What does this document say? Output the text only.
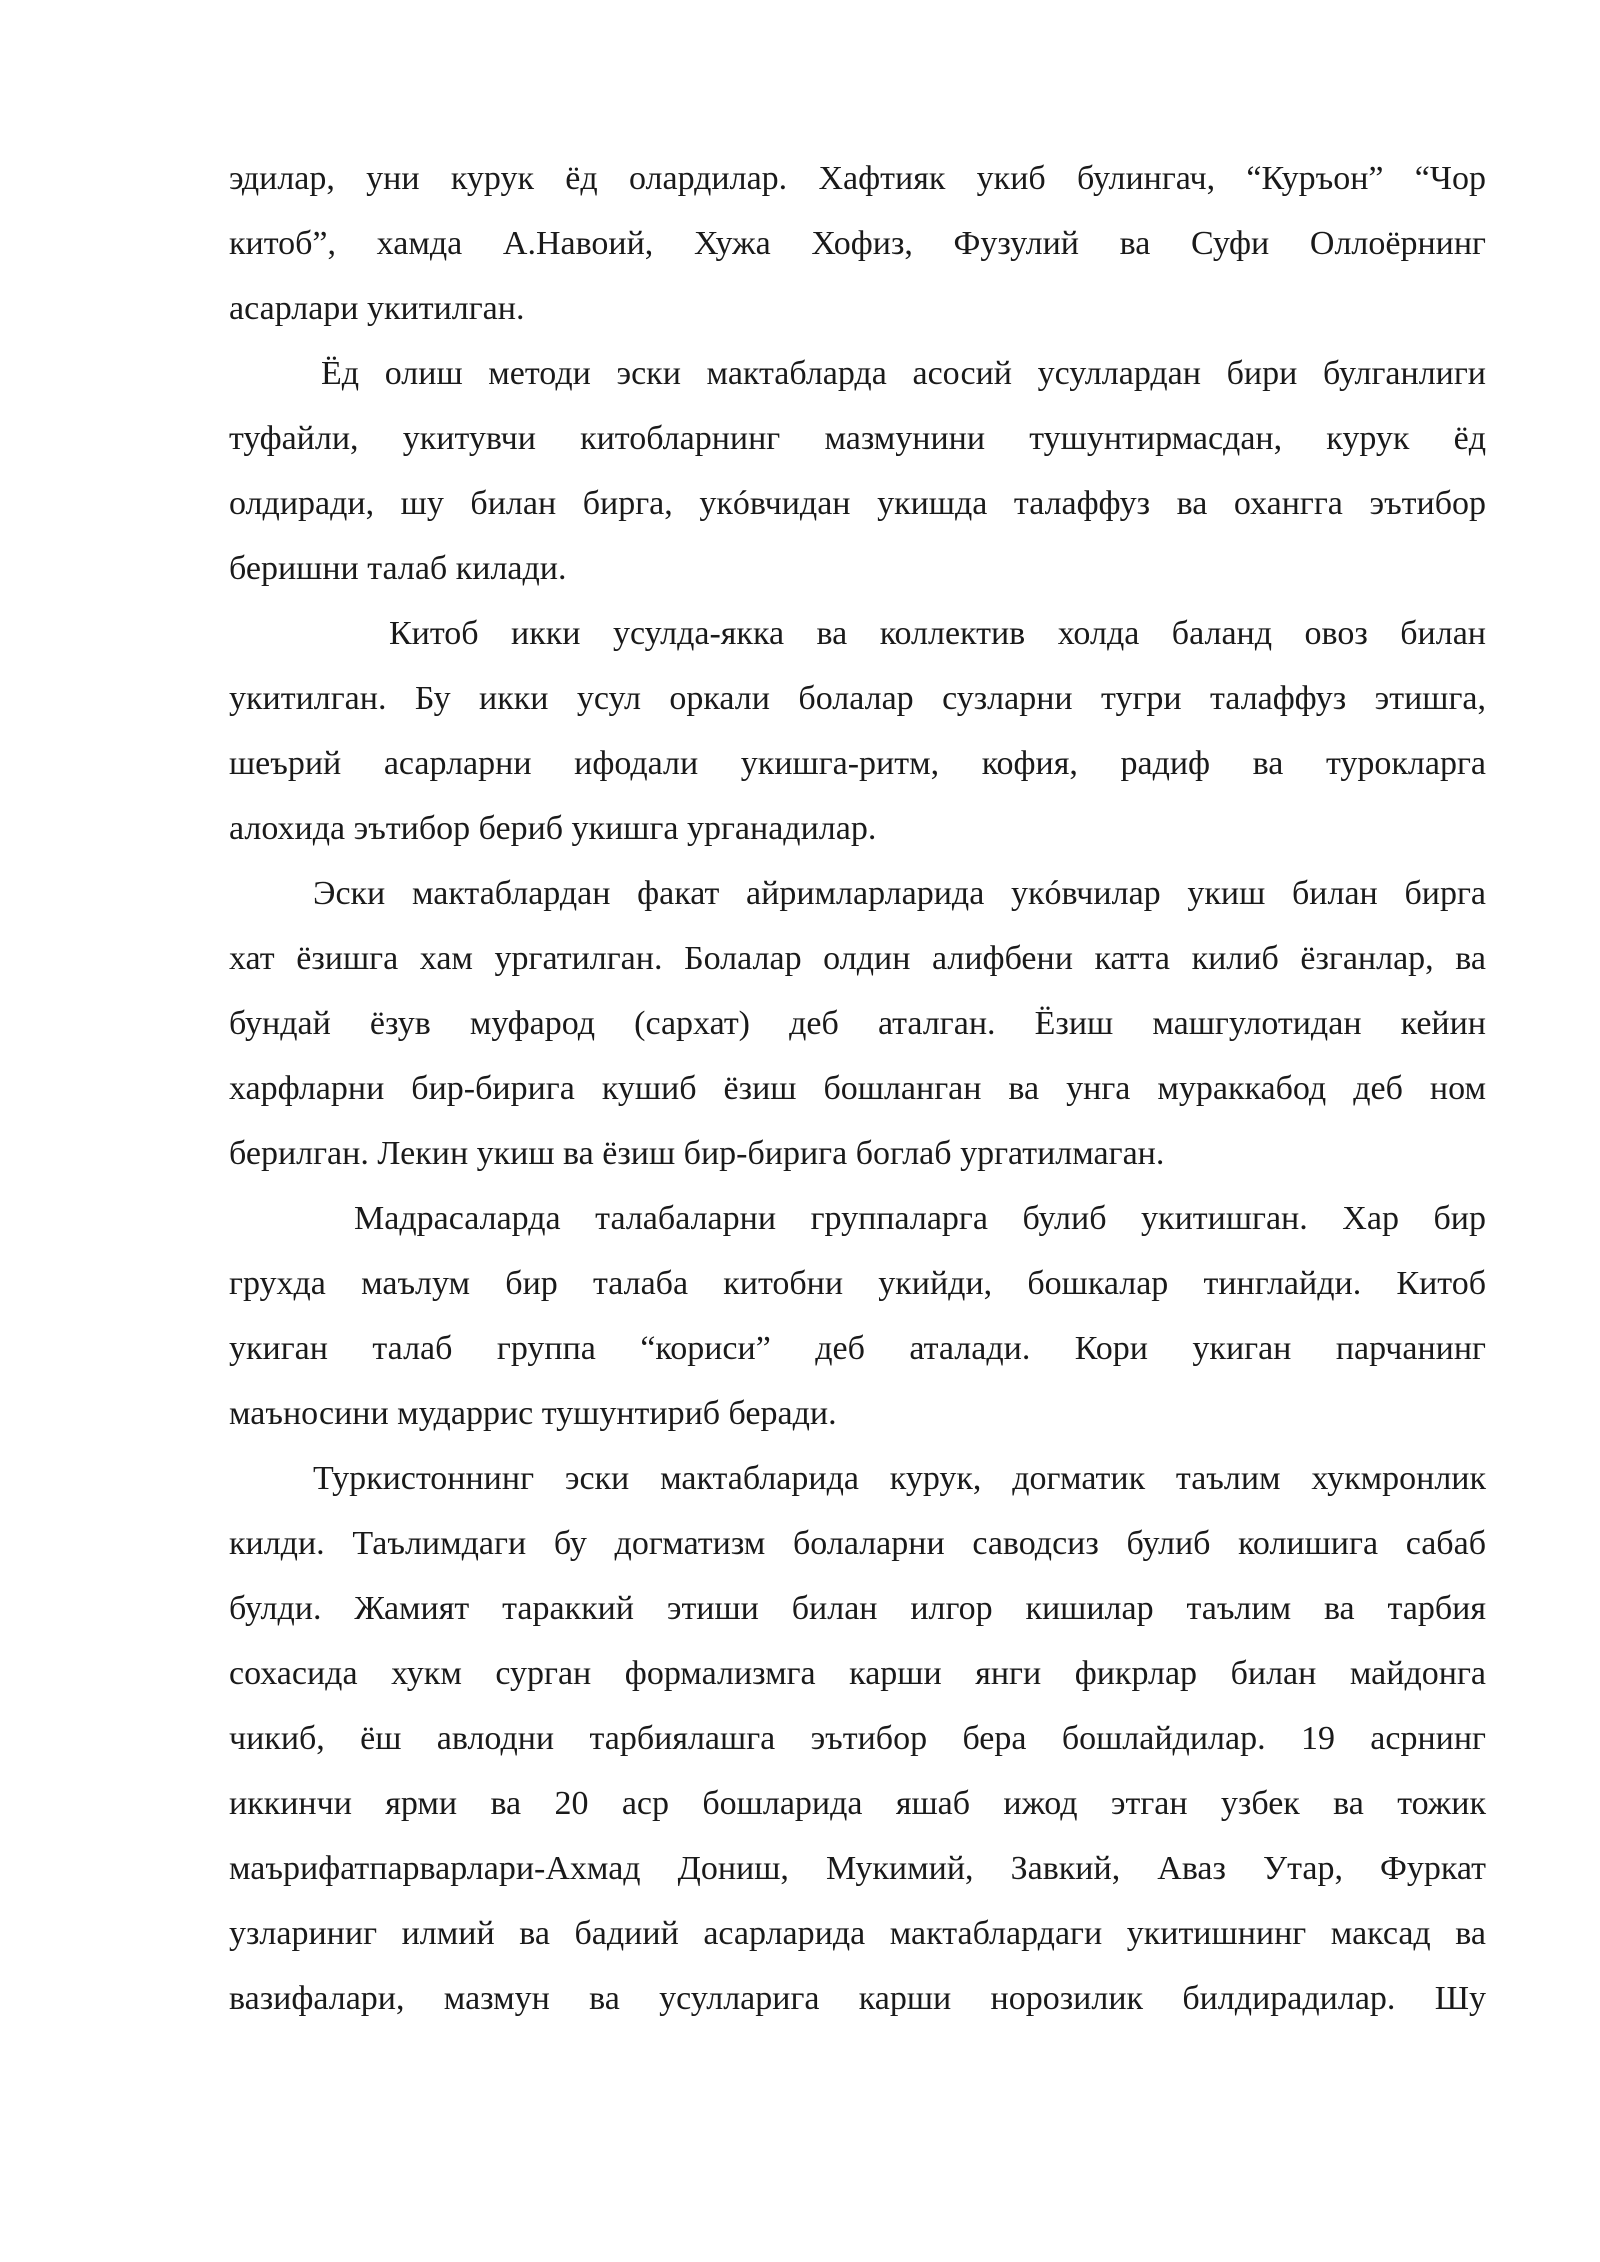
эдилар, уни курук ёд олардилар. Хафтияк укиб булингач, “Куръон” “Чор
китоб”, хамда А.Навоий, Хужа Хофиз, Фузулий ва Суфи Оллоёрнинг
асарлари укитилган.
Ёд олиш методи эски мактабларда асосий усуллардан бири булганлиги
туфайли, укитувчи китобларнинг мазмунини тушунтирмасдан, курук ёд
олдиради, шу билан бирга, укóвчидан укишда талаффуз ва охангга эътибор
беришни талаб килади.
Китоб икки усулда-якка ва коллектив холда баланд овоз билан
укитилган. Бу икки усул оркали болалар сузларни тугри талаффуз этишга,
шеърий асарларни ифодали укишга-ритм, кофия, радиф ва турокларга
алохида эътибор бериб укишга урганадилар.
Эски мактаблардан факат айримларларида укóвчилар укиш билан бирга
хат ёзишга хам ургатилган. Болалар олдин алифбени катта килиб ёзганлар, ва
бундай ёзув муфарод (сархат) деб аталган. Ёзиш машгулотидан кейин
харфларни бир-бирига кушиб ёзиш бошланган ва унга мураккабод деб ном
берилган. Лекин укиш ва ёзиш бир-бирига боглаб ургатилмаган.
Мадрасаларда талабаларни группаларга булиб укитишган. Хар бир
грухда маълум бир талаба китобни укийди, бошкалар тинглайди. Китоб
укиган талаб группа “кориси” деб аталади. Кори укиган парчанинг
маъносини мударрис тушунтириб беради.
Туркистоннинг эски мактабларида курук, догматик таълим хукмронлик
килди. Таълимдаги бу догматизм болаларни саводсиз булиб колишига сабаб
булди. Жамият тараккий этиши билан илгор кишилар таълим ва тарбия
сохасида хукм сурган формализмга карши янги фикрлар билан майдонга
чикиб, ёш авлодни тарбиялашга эътибор бера бошлайдилар. 19 асрнинг
иккинчи ярми ва 20 аср бошларида яшаб ижод этган узбек ва тожик
маърифатпарварлари-Ахмад Дониш, Мукимий, Завкий, Аваз Утар, Фуркат
узлариниг илмий ва бадиий асарларида мактаблардаги укитишнинг максад ва
вазифалари, мазмун ва усулларига карши норозилик билдирадилар. Шу
